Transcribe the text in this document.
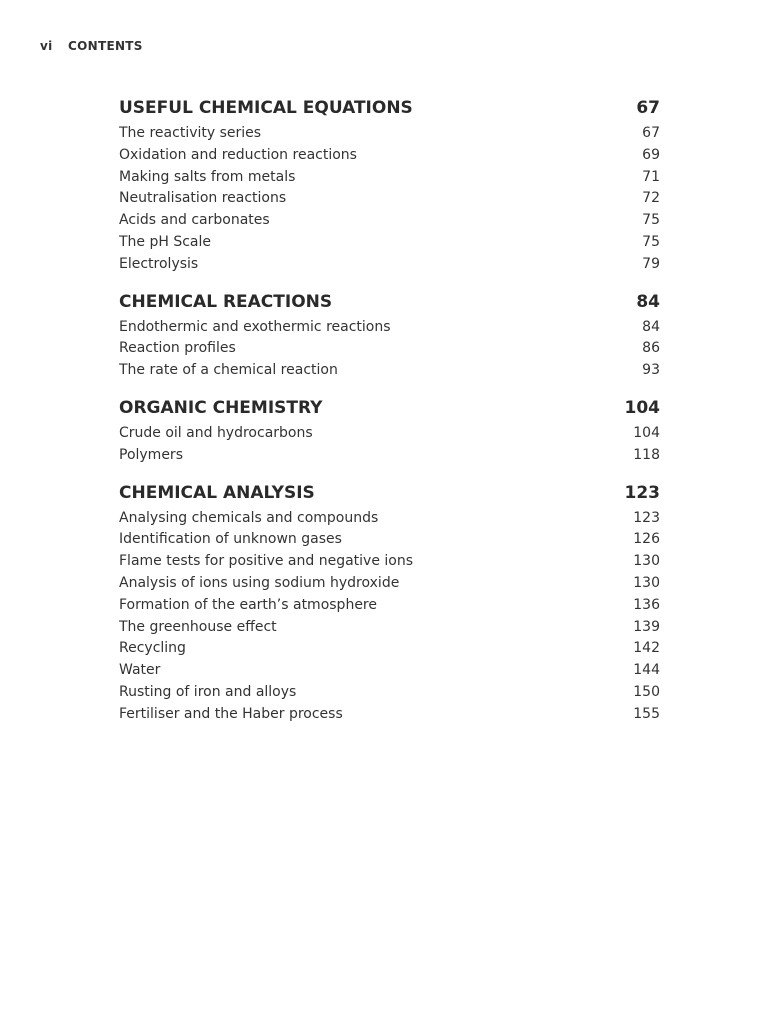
vi CONTENTS
USEFUL CHEMICAL EQUATIONS	67
The reactivity series	67
Oxidation and reduction reactions	69
Making salts from metals	71
Neutralisation reactions	72
Acids and carbonates	75
The pH Scale	75
Electrolysis	79
CHEMICAL REACTIONS	84
Endothermic and exothermic reactions	84
Reaction profiles	86
The rate of a chemical reaction	93
ORGANIC CHEMISTRY	104
Crude oil and hydrocarbons	104
Polymers	118
CHEMICAL ANALYSIS	123
Analysing chemicals and compounds	123
Identification of unknown gases	126
Flame tests for positive and negative ions	130
Analysis of ions using sodium hydroxide	130
Formation of the earth’s atmosphere	136
The greenhouse effect	139
Recycling	142
Water	144
Rusting of iron and alloys	150
Fertiliser and the Haber process	155
